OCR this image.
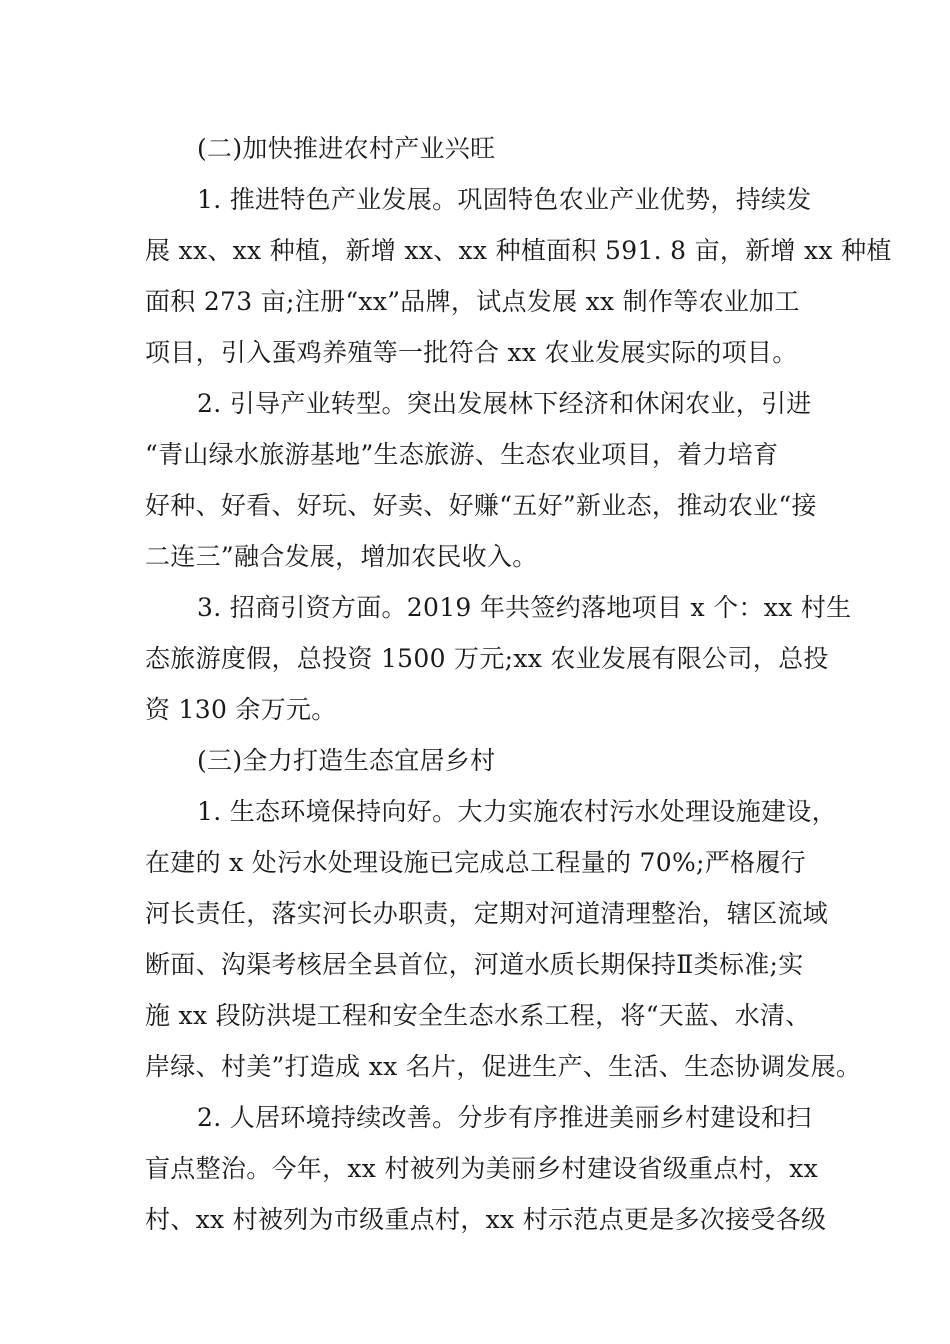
(二)加快推进农村产业兴旺
1. 推进特色产业发展。巩固特色农业产业优势，持续发
展 xx、xx 种植，新增 xx、xx 种植面积 591. 8 亩，新增 xx 种植
面积 273 亩;注册“xx”品牌，试点发展 xx 制作等农业加工
项目，引入蛋鸡养殖等一批符合 xx 农业发展实际的项目。
2. 引导产业转型。突出发展林下经济和休闲农业，引进
“青山绿水旅游基地”生态旅游、生态农业项目，着力培育
好种、好看、好玩、好卖、好赚“五好”新业态，推动农业“接
二连三”融合发展，增加农民收入。
3. 招商引资方面。2019 年共签约落地项目 x 个：xx 村生
态旅游度假，总投资 1500 万元;xx 农业发展有限公司，总投
资 130 余万元。
(三)全力打造生态宜居乡村
1. 生态环境保持向好。大力实施农村污水处理设施建设，
在建的 x 处污水处理设施已完成总工程量的 70%;严格履行
河长责任，落实河长办职责，定期对河道清理整治，辖区流域
断面、沟渠考核居全县首位，河道水质长期保持Ⅱ类标准;实
施 xx 段防洪堤工程和安全生态水系工程，将“天蓝、水清、
岸绿、村美”打造成 xx 名片，促进生产、生活、生态协调发展。
2. 人居环境持续改善。分步有序推进美丽乡村建设和扫
盲点整治。今年，xx 村被列为美丽乡村建设省级重点村，xx
村、xx 村被列为市级重点村，xx 村示范点更是多次接受各级
